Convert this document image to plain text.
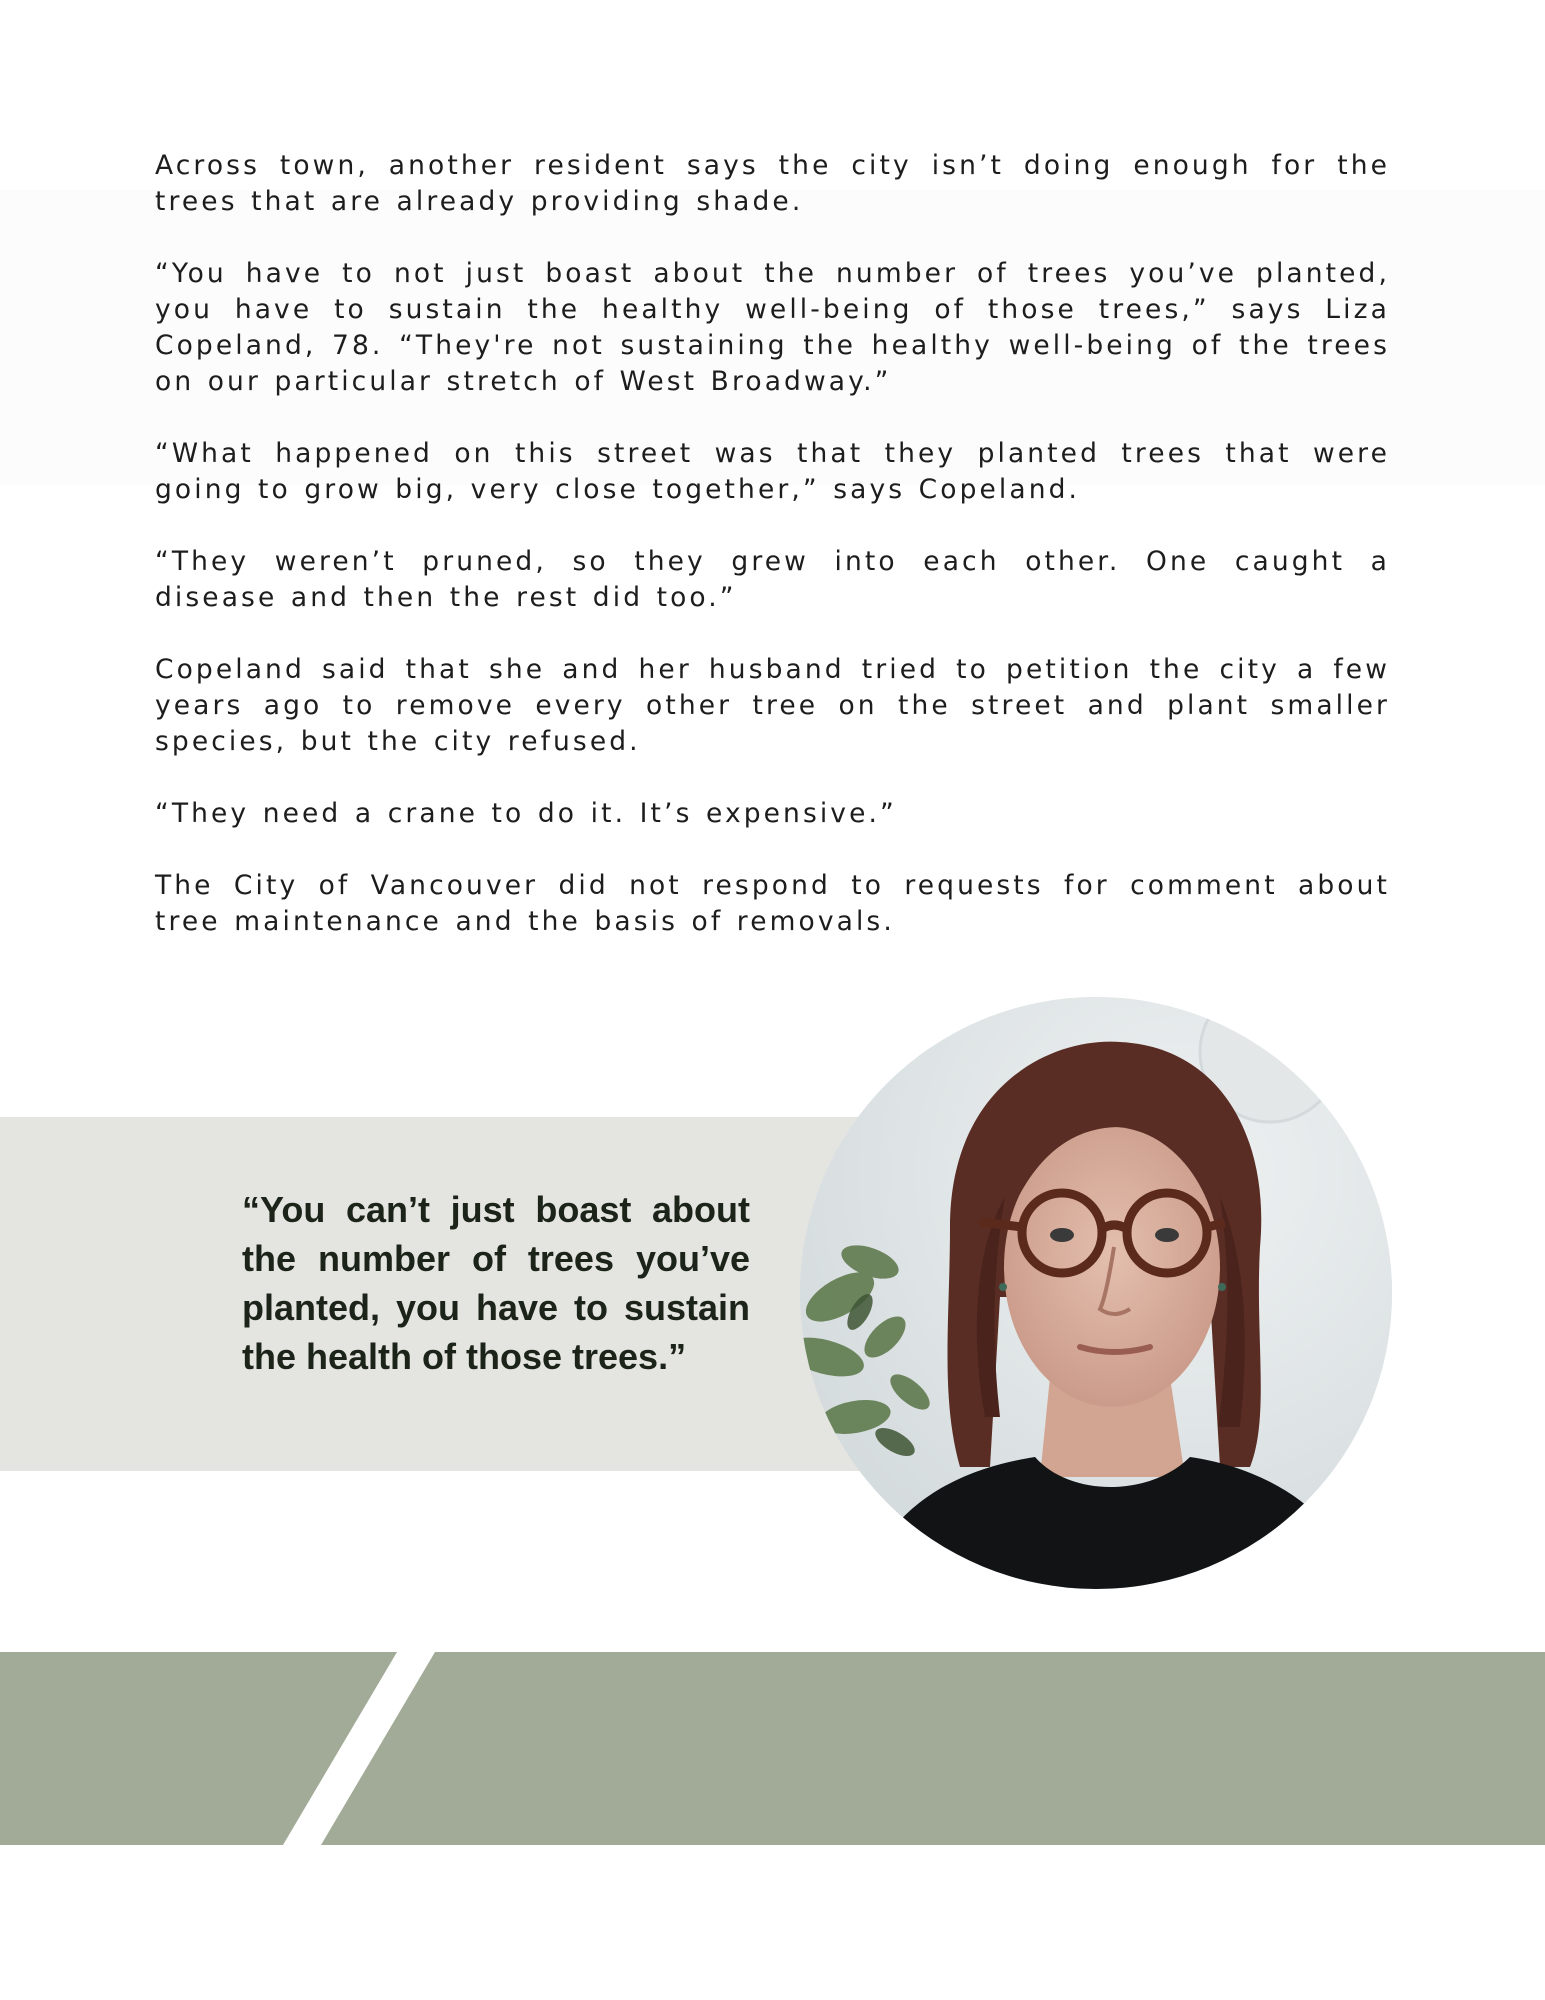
Across town, another resident says the city isn’t doing enough for the trees that are already providing shade.

“You have to not just boast about the number of trees you’ve planted, you have to sustain the healthy well-being of those trees,” says Liza Copeland, 78. “They're not sustaining the healthy well-being of the trees on our particular stretch of West Broadway.”

“What happened on this street was that they planted trees that were going to grow big, very close together,” says Copeland.

“They weren’t pruned, so they grew into each other. One caught a disease and then the rest did too.”

Copeland said that she and her husband tried to petition the city a few years ago to remove every other tree on the street and plant smaller species, but the city refused.

“They need a crane to do it. It’s expensive.”

The City of Vancouver did not respond to requests for comment about tree maintenance and the basis of removals.

“You can’t just boast about the number of trees you’ve planted, you have to sustain the health of those trees.”
